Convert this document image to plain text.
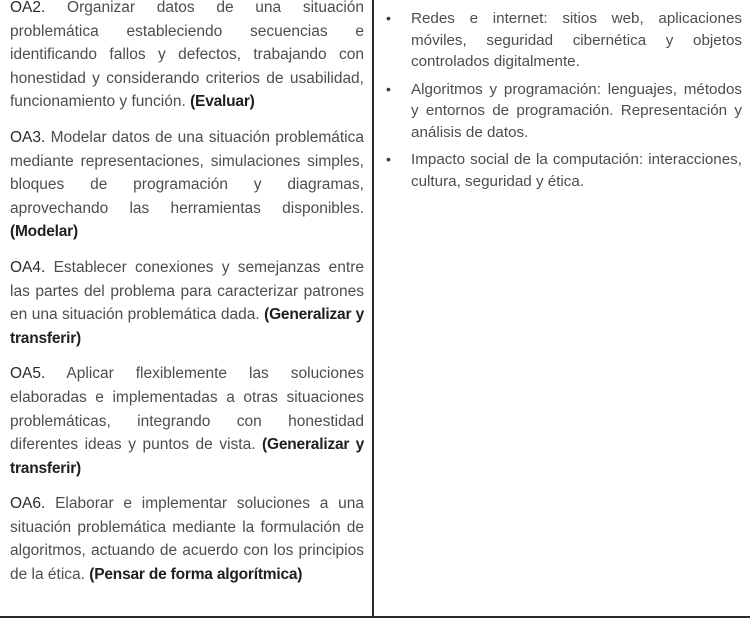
OA2. Organizar datos de una situación problemática estableciendo secuencias e identificando fallos y defectos, trabajando con honestidad y considerando criterios de usabilidad, funcionamiento y función. (Evaluar)

OA3. Modelar datos de una situación problemática mediante representaciones, simulaciones simples, bloques de programación y diagramas, aprovechando las herramientas disponibles. (Modelar)

OA4. Establecer conexiones y semejanzas entre las partes del problema para caracterizar patrones en una situación problemática dada. (Generalizar y transferir)

OA5. Aplicar flexiblemente las soluciones elaboradas e implementadas a otras situaciones problemáticas, integrando con honestidad diferentes ideas y puntos de vista. (Generalizar y transferir)

OA6. Elaborar e implementar soluciones a una situación problemática mediante la formulación de algoritmos, actuando de acuerdo con los principios de la ética. (Pensar de forma algorítmica)

• Redes e internet: sitios web, aplicaciones móviles, seguridad cibernética y objetos controlados digitalmente.
• Algoritmos y programación: lenguajes, métodos y entornos de programación. Representación y análisis de datos.
• Impacto social de la computación: interacciones, cultura, seguridad y ética.
